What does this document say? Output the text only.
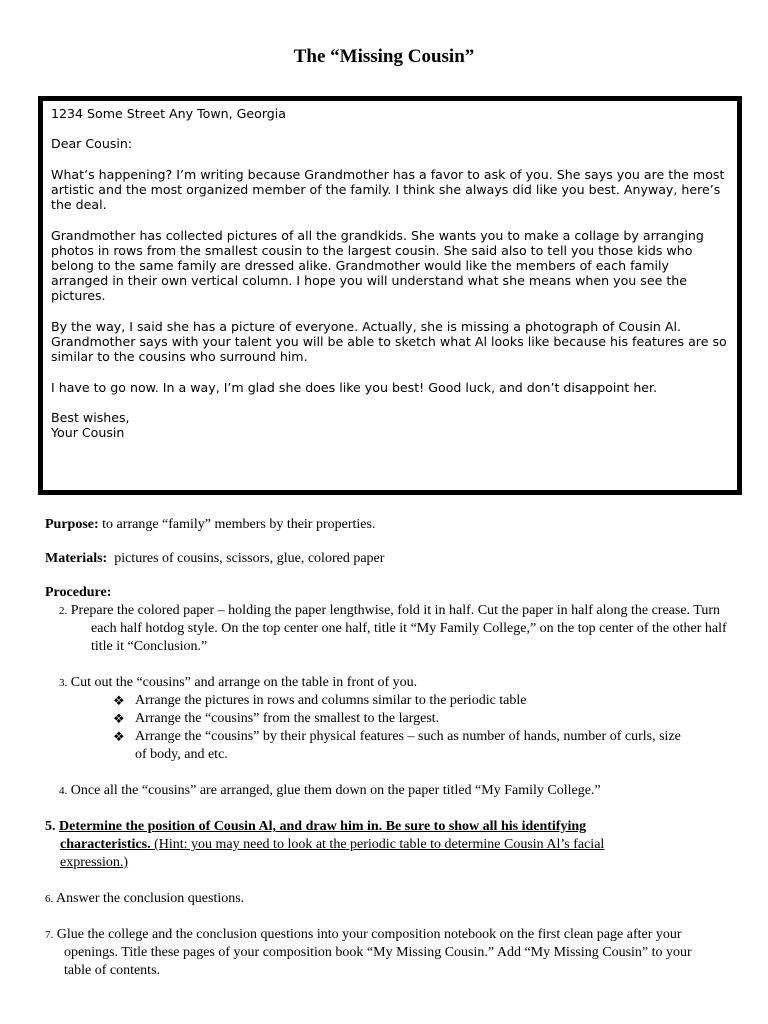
The “Missing Cousin”

1234 Some Street Any Town, Georgia

Dear Cousin:

What’s happening? I’m writing because Grandmother has a favor to ask of you. She says you are the most artistic and the most organized member of the family. I think she always did like you best. Anyway, here’s the deal.

Grandmother has collected pictures of all the grandkids. She wants you to make a collage by arranging photos in rows from the smallest cousin to the largest cousin. She said also to tell you those kids who belong to the same family are dressed alike. Grandmother would like the members of each family arranged in their own vertical column. I hope you will understand what she means when you see the pictures.

By the way, I said she has a picture of everyone. Actually, she is missing a photograph of Cousin Al. Grandmother says with your talent you will be able to sketch what Al looks like because his features are so similar to the cousins who surround him.

I have to go now. In a way, I’m glad she does like you best! Good luck, and don’t disappoint her.

Best wishes,

Your Cousin

Purpose: to arrange “family” members by their properties.

Materials:  pictures of cousins, scissors, glue, colored paper

Procedure:

2. Prepare the colored paper – holding the paper lengthwise, fold it in half. Cut the paper in half along the crease. Turn each half hotdog style. On the top center one half, title it “My Family College,” on the top center of the other half title it “Conclusion.”

3. Cut out the “cousins” and arrange on the table in front of you.

❖ Arrange the pictures in rows and columns similar to the periodic table
❖ Arrange the “cousins” from the smallest to the largest.
❖ Arrange the “cousins” by their physical features – such as number of hands, number of curls, size of body, and etc.

4. Once all the “cousins” are arranged, glue them down on the paper titled “My Family College.”

5. Determine the position of Cousin Al, and draw him in. Be sure to show all his identifying characteristics. (Hint: you may need to look at the periodic table to determine Cousin Al’s facial expression.)

6. Answer the conclusion questions.

7. Glue the college and the conclusion questions into your composition notebook on the first clean page after your openings. Title these pages of your composition book “My Missing Cousin.” Add “My Missing Cousin” to your table of contents.
